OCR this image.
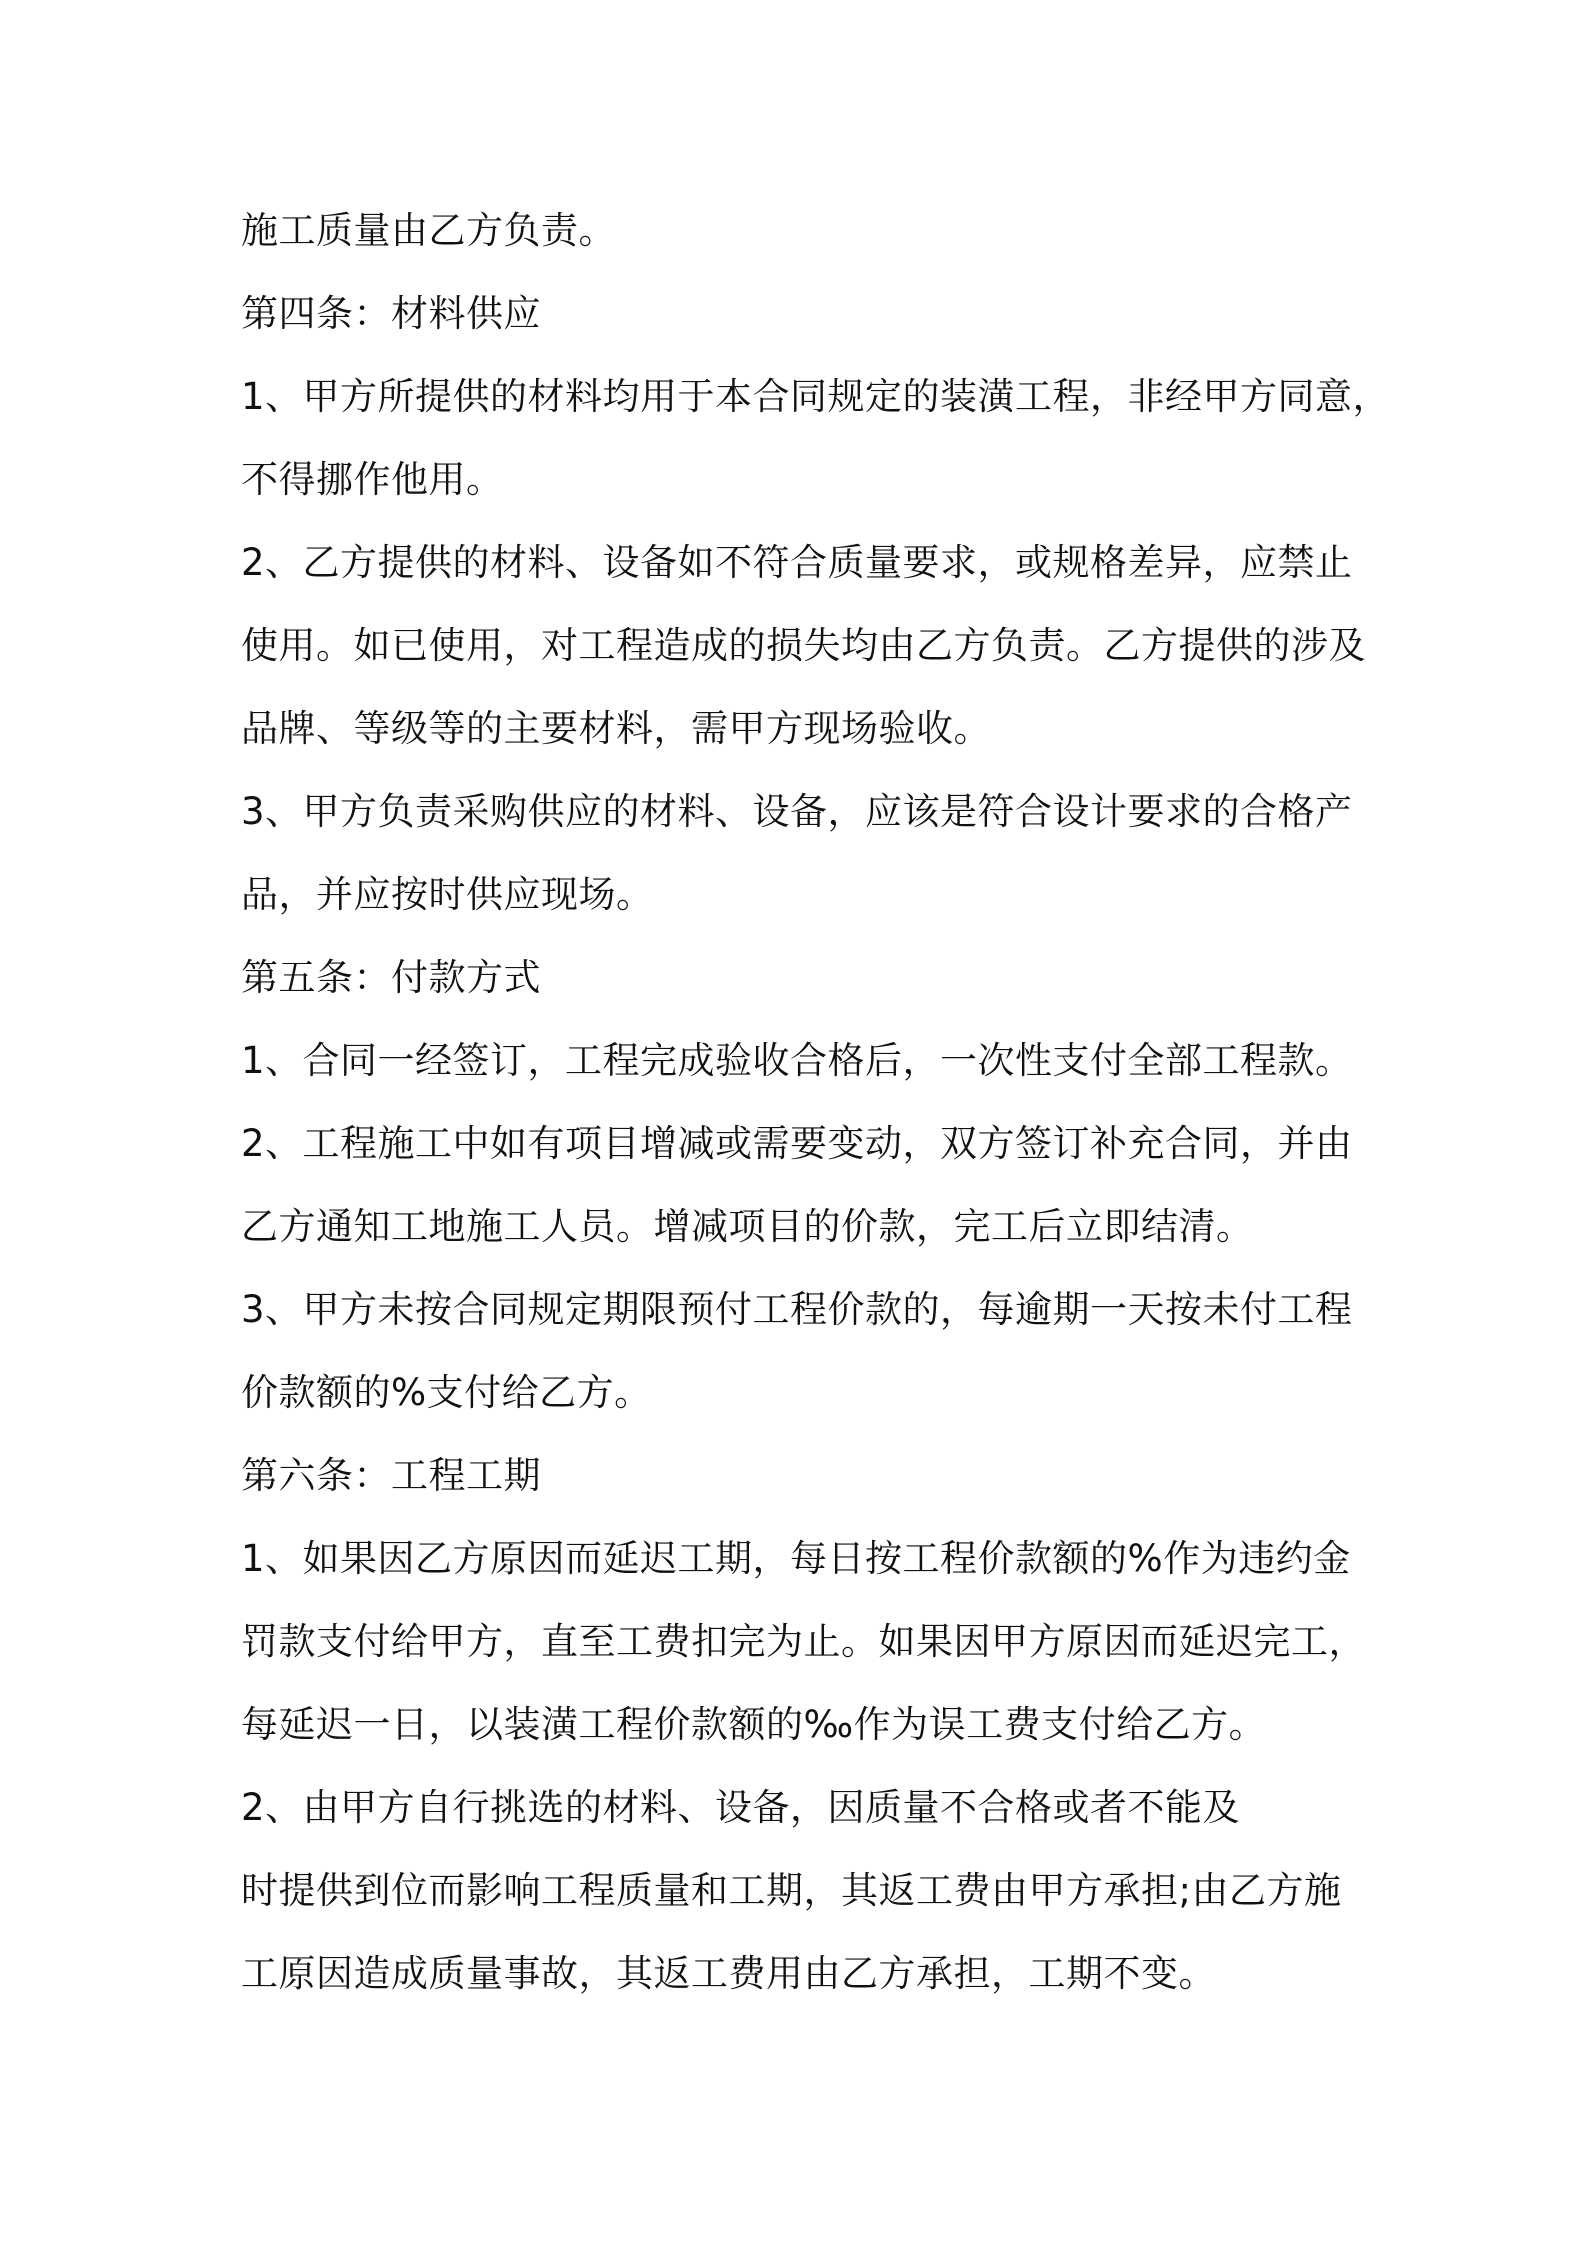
施工质量由乙方负责。
第四条：材料供应
1、甲方所提供的材料均用于本合同规定的装潢工程，非经甲方同意，
不得挪作他用。
2、乙方提供的材料、设备如不符合质量要求，或规格差异，应禁止
使用。如已使用，对工程造成的损失均由乙方负责。乙方提供的涉及
品牌、等级等的主要材料，需甲方现场验收。
3、甲方负责采购供应的材料、设备，应该是符合设计要求的合格产
品，并应按时供应现场。
第五条：付款方式
1、合同一经签订，工程完成验收合格后，一次性支付全部工程款。
2、工程施工中如有项目增减或需要变动，双方签订补充合同，并由
乙方通知工地施工人员。增减项目的价款，完工后立即结清。
3、甲方未按合同规定期限预付工程价款的，每逾期一天按未付工程
价款额的%支付给乙方。
第六条：工程工期
1、如果因乙方原因而延迟工期，每日按工程价款额的%作为违约金
罚款支付给甲方，直至工费扣完为止。如果因甲方原因而延迟完工，
每延迟一日，以装潢工程价款额的‰作为误工费支付给乙方。
2、由甲方自行挑选的材料、设备，因质量不合格或者不能及
时提供到位而影响工程质量和工期，其返工费由甲方承担;由乙方施
工原因造成质量事故，其返工费用由乙方承担，工期不变。
